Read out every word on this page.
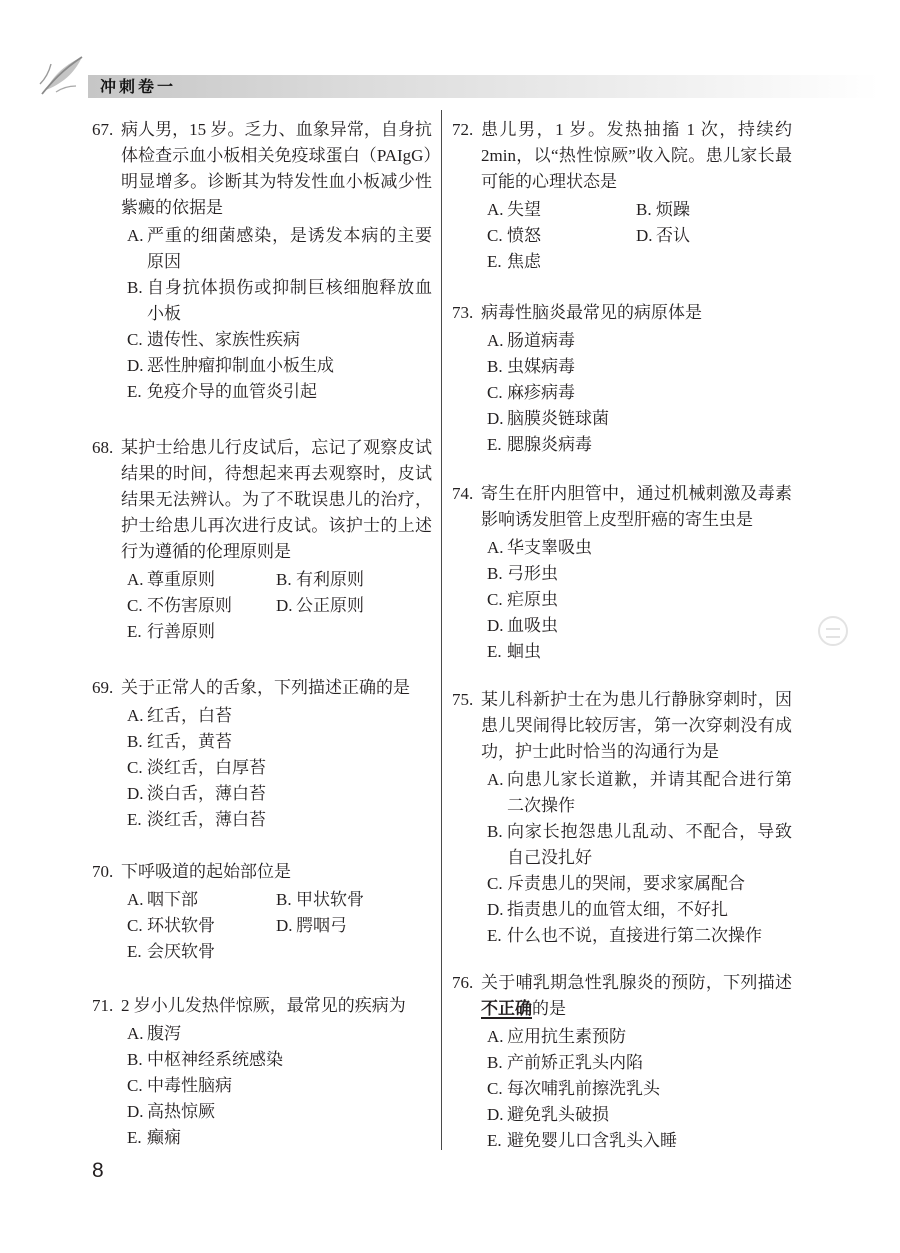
冲刺卷一
67. 病人男，15 岁。乏力、血象异常，自身抗体检查示血小板相关免疫球蛋白（PAIgG）明显增多。诊断其为特发性血小板减少性紫癜的依据是
A. 严重的细菌感染，是诱发本病的主要原因
B. 自身抗体损伤或抑制巨核细胞释放血小板
C. 遗传性、家族性疾病
D. 恶性肿瘤抑制血小板生成
E. 免疫介导的血管炎引起
68. 某护士给患儿行皮试后，忘记了观察皮试结果的时间，待想起来再去观察时，皮试结果无法辨认。为了不耽误患儿的治疗，护士给患儿再次进行皮试。该护士的上述行为遵循的伦理原则是
A. 尊重原则	B. 有利原则
C. 不伤害原则	D. 公正原则
E. 行善原则
69. 关于正常人的舌象，下列描述正确的是
A. 红舌，白苔
B. 红舌，黄苔
C. 淡红舌，白厚苔
D. 淡白舌，薄白苔
E. 淡红舌，薄白苔
70. 下呼吸道的起始部位是
A. 咽下部	B. 甲状软骨
C. 环状软骨	D. 腭咽弓
E. 会厌软骨
71. 2 岁小儿发热伴惊厥，最常见的疾病为
A. 腹泻
B. 中枢神经系统感染
C. 中毒性脑病
D. 高热惊厥
E. 癫痫
72. 患儿男，1 岁。发热抽搐 1 次，持续约 2min，以“热性惊厥”收入院。患儿家长最可能的心理状态是
A. 失望	B. 烦躁
C. 愤怒	D. 否认
E. 焦虑
73. 病毒性脑炎最常见的病原体是
A. 肠道病毒
B. 虫媒病毒
C. 麻疹病毒
D. 脑膜炎链球菌
E. 腮腺炎病毒
74. 寄生在肝内胆管中，通过机械刺激及毒素影响诱发胆管上皮型肝癌的寄生虫是
A. 华支睾吸虫
B. 弓形虫
C. 疟原虫
D. 血吸虫
E. 蛔虫
75. 某儿科新护士在为患儿行静脉穿刺时，因患儿哭闹得比较厉害，第一次穿刺没有成功，护士此时恰当的沟通行为是
A. 向患儿家长道歉，并请其配合进行第二次操作
B. 向家长抱怨患儿乱动、不配合，导致自己没扎好
C. 斥责患儿的哭闹，要求家属配合
D. 指责患儿的血管太细，不好扎
E. 什么也不说，直接进行第二次操作
76. 关于哺乳期急性乳腺炎的预防，下列描述不正确的是
A. 应用抗生素预防
B. 产前矫正乳头内陷
C. 每次哺乳前擦洗乳头
D. 避免乳头破损
E. 避免婴儿口含乳头入睡
8
